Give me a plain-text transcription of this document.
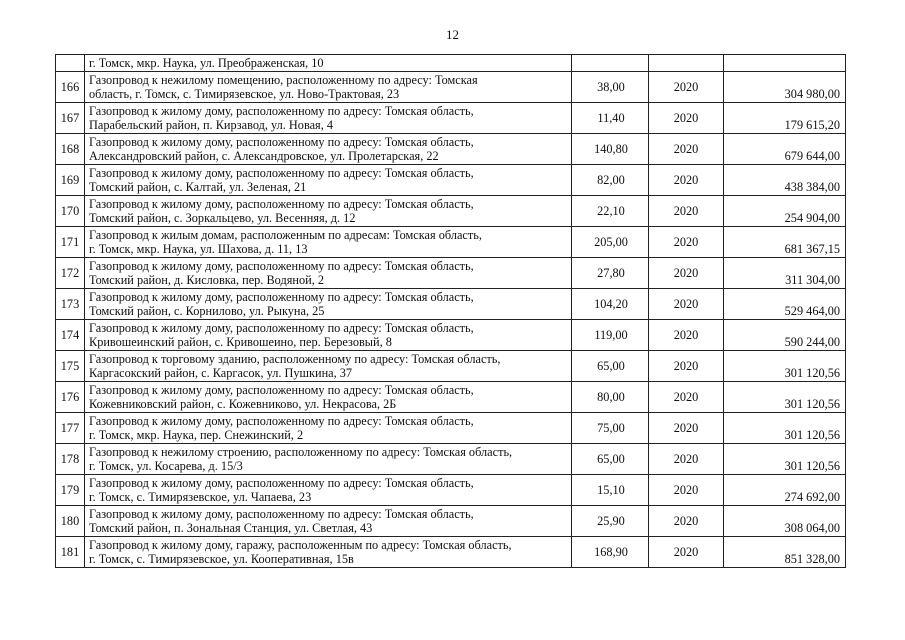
12
	г. Томск, мкр. Наука, ул. Преображенская, 10			
166	Газопровод к нежилому помещению, расположенному по адресу: Томская
область, г. Томск, с. Тимирязевское, ул. Ново-Трактовая, 23	38,00	2020	304 980,00
167	Газопровод к жилому дому, расположенному по адресу: Томская область,
Парабельский район, п. Кирзавод, ул. Новая, 4	11,40	2020	179 615,20
168	Газопровод к жилому дому, расположенному по адресу: Томская область,
Александровский район, с. Александровское, ул. Пролетарская, 22	140,80	2020	679 644,00
169	Газопровод к жилому дому, расположенному по адресу: Томская область,
Томский район, с. Калтай, ул. Зеленая, 21	82,00	2020	438 384,00
170	Газопровод к жилому дому, расположенному по адресу: Томская область,
Томский район, с. Зоркальцево, ул. Весенняя, д. 12	22,10	2020	254 904,00
171	Газопровод к жилым домам, расположенным по адресам: Томская область,
г. Томск, мкр. Наука, ул. Шахова, д. 11, 13	205,00	2020	681 367,15
172	Газопровод к жилому дому, расположенному по адресу: Томская область,
Томский район, д. Кисловка, пер. Водяной, 2	27,80	2020	311 304,00
173	Газопровод к жилому дому, расположенному по адресу: Томская область,
Томский район, с. Корнилово, ул. Рыкуна, 25	104,20	2020	529 464,00
174	Газопровод к жилому дому, расположенному по адресу: Томская область,
Кривошеинский район, с. Кривошеино, пер. Березовый, 8	119,00	2020	590 244,00
175	Газопровод к торговому зданию, расположенному по адресу: Томская область,
Каргасокский район, с. Каргасок, ул. Пушкина, 37	65,00	2020	301 120,56
176	Газопровод к жилому дому, расположенному по адресу: Томская область,
Кожевниковский район, с. Кожевниково, ул. Некрасова, 2Б	80,00	2020	301 120,56
177	Газопровод к жилому дому, расположенному по адресу: Томская область,
г. Томск, мкр. Наука, пер. Снежинский, 2	75,00	2020	301 120,56
178	Газопровод к нежилому строению, расположенному по адресу: Томская область,
г. Томск, ул. Косарева, д. 15/3	65,00	2020	301 120,56
179	Газопровод к жилому дому, расположенному по адресу: Томская область,
г. Томск, с. Тимирязевское, ул. Чапаева, 23	15,10	2020	274 692,00
180	Газопровод к жилому дому, расположенному по адресу: Томская область,
Томский район, п. Зональная Станция, ул. Светлая, 43	25,90	2020	308 064,00
181	Газопровод к жилому дому, гаражу, расположенным по адресу: Томская область,
г. Томск, с. Тимирязевское, ул. Кооперативная, 15в	168,90	2020	851 328,00
